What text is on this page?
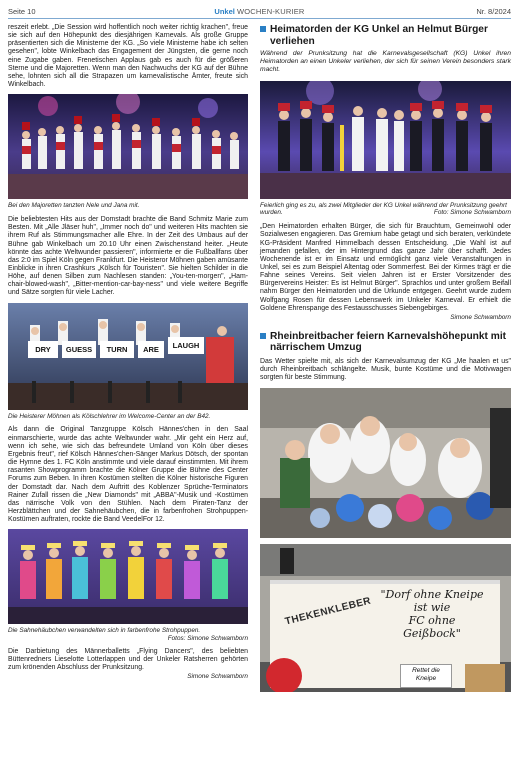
Seite 10	Unkel WOCHEN-KURIER	Nr. 8/2024

reszeit erlebt. „Die Session wird hoffentlich noch weiter richtig krachen", freue sie sich auf den Höhepunkt des diesjährigen Karnevals. Als große Gruppe präsentierten sich die Ministerne der KG. „So viele Ministerne habe ich selten gesehen", lobte Winkelbach das Engagement der Jüngsten, die gerne noch eine Zugabe gaben. Frenetischen Applaus gab es auch für die größeren Sterne und die Majoretten. Wenn man den Nachwuchs der KG auf der Bühne sehe, lohnten sich all die Strapazen um karnevalistische Ämter, freute sich Winkelbach.

Bei den Majoretten tanzten Nele und Jana mit.

Die beliebtesten Hits aus der Domstadt brachte die Band Schmitz Marie zum Besten. Mit „Alle Jläser huh", „Immer noch do" und weiteren Hits machten sie ihrem Ruf als Stimmungsmacher alle Ehre. In der Zeit des Umbaus auf der Bühne gab Winkelbach um 20.10 Uhr einen Zwischenstand heiter. „Heute könnte das achte Weltwunder passieren", informierte er die Fußballfans über das 2:0 im Spiel Köln gegen Frankfurt. Die Heisteror Möhnen gaben amüsante Einblicke in ihren Crashkurs „Kölsch für Touristen". Sie hielten Schilder in die Höhe, auf denen Silben zum Nachlesen standen: „You-ten-morgen", „Ham-chair-blowed-wash", „Bitter-mention-car-bay-ness" und viele weitere Begriffe und Sätze sorgten für viele Lacher.

DRY	GUESS	TURN	ARE	LAUGH
Die Heisterer Möhnen als Kölschlehrer im Welcome-Center an der B42.

Als dann die Original Tanzgruppe Kölsch Hännes'chen in den Saal einmarschierte, wurde das achte Weltwunder wahr. „Mir geht ein Herz auf, wenn ich sehe, wie sich das befreundete Umland von Köln über dieses Ergebnis freut", rief Kölsch Hännes'chen-Sänger Markus Dötsch, der spontan die Hymne des 1. FC Köln anstimmte und viele darauf einstimmten. Mit ihrem rasanten Showprogramm brachte die Kölner Gruppe die Bühne des Center Forums zum Beben. In ihren Kostümen stellten die Kölner historische Figuren der Domstadt dar. Nach dem Auftritt des Koblenzer Sprüche-Terminators Rainer Zufall rissen die „New Diamonds" mit „ABBA"-Musik und -Kostümen das närrische Volk von den Stühlen. Nach dem Piraten-Tanz der Herzblättchen und der Sahnehäubchen, die in farbenfrohen Strohpuppen-Kostümen auftraten, rockte die Band VeedelFor 12.

Die Sahnehäubchen verwandelten sich in farbenfrohe Strohpuppen.
Fotos: Simone Schwamborn

Die Darbietung des Männerballetts „Flying Dancers", des beliebten Büttenredners Lieselotte Lotterlappen und der Unkeler Ratsherren gehörten zum krönenden Abschluss der Prunksitzung.

Simone Schwamborn
Heimatorden der KG Unkel an Helmut Bürger verliehen

Während der Prunksitzung hat die Karnevalsgesellschaft (KG) Unkel ihren Heimatorden an einen Unkeler verliehen, der sich für seinen Verein besonders stark macht.

Feierlich ging es zu, als zwei Mitglieder der KG Unkel während der Prunksitzung geehrt wurden.	Foto: Simone Schwamborn

„Den Heimatorden erhalten Bürger, die sich für Brauchtum, Gemeinwohl oder Sozialwesen engagieren. Das Gremium habe getagt und sich beraten, verkündete KG-Präsident Manfred Himmelbach dessen Entscheidung. „Die Wahl ist auf jemanden gefallen, der im Hintergrund das ganze Jahr über schafft. Jedes Wochenende ist er im Einsatz und ermöglicht ganz viele Veranstaltungen in Unkel, sei es zum Beispiel Altentag oder Sommerfest. Bei der Kirmes trägt er die Fahne seines Vereins. Seit vielen Jahren ist er Erster Vorsitzender des Bürgervereins Heister: Es ist Helmut Bürger". Sprachlos und unter großem Beifall nahm Bürger den Heimatorden und die Urkunde entgegen. Geehrt wurde zudem Wolfgang Rosen für dessen Lebenswerk im Unkeler Karneval. Er erhielt die Goldene Ehrenspange des Festausschusses Siebengebirges.

Simone Schwamborn
Rheinbreitbacher feiern Karnevalshöhepunkt mit närrischem Umzug

Das Wetter spielte mit, als sich der Karnevalsumzug der KG „Me haalen et us" durch Rheinbreitbach schlängelte. Musik, bunte Kostüme und die Motivwagen sorgten für beste Stimmung.

THEKENKLEBER
"Dorf ohne Kneipe
ist wie
FC ohne
Geißbock"
Rettet die Kneipe
